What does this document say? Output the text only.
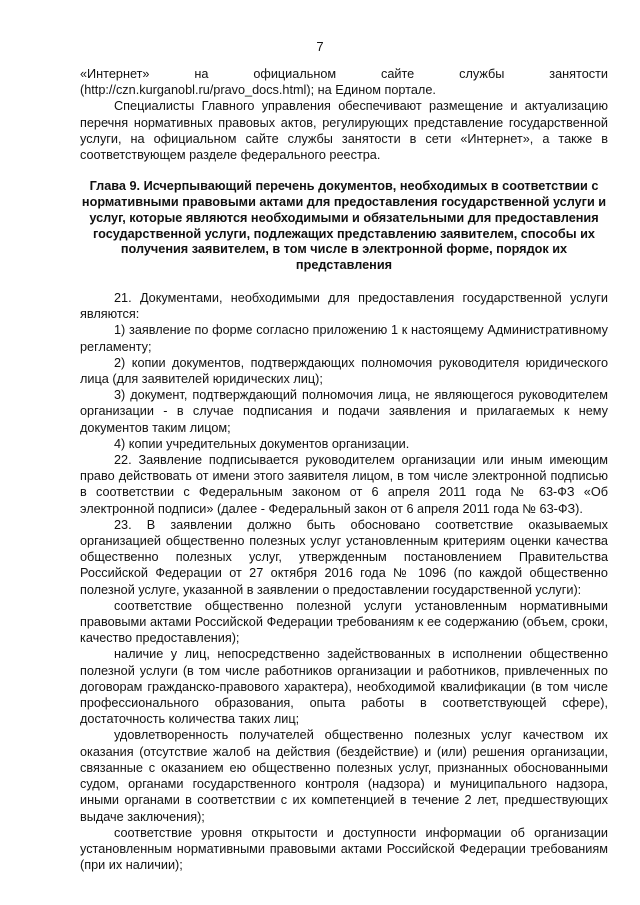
7

«Интернет» на официальном сайте службы занятости

(http://czn.kurganobl.ru/pravo_docs.html); на Едином портале.

Специалисты Главного управления обеспечивают размещение и актуализацию перечня нормативных правовых актов, регулирующих представление государственной услуги, на официальном сайте службы занятости в сети «Интернет», а также в соответствующем разделе федерального реестра.

Глава 9. Исчерпывающий перечень документов, необходимых в соответствии с нормативными правовыми актами для предоставления государственной услуги и услуг, которые являются необходимыми и обязательными для предоставления государственной услуги, подлежащих представлению заявителем, способы их получения заявителем, в том числе в электронной форме, порядок их представления

21. Документами, необходимыми для предоставления государственной услуги являются:

1) заявление по форме согласно приложению 1 к настоящему Административному регламенту;

2) копии документов, подтверждающих полномочия руководителя юридического лица (для заявителей юридических лиц);

3) документ, подтверждающий полномочия лица, не являющегося руководителем организации - в случае подписания и подачи заявления и прилагаемых к нему документов таким лицом;

4) копии учредительных документов организации.

22. Заявление подписывается руководителем организации или иным имеющим право действовать от имени этого заявителя лицом, в том числе электронной подписью в соответствии с Федеральным законом от 6 апреля 2011 года № 63-ФЗ «Об электронной подписи» (далее - Федеральный закон от 6 апреля 2011 года № 63-ФЗ).

23. В заявлении должно быть обосновано соответствие оказываемых организацией общественно полезных услуг установленным критериям оценки качества общественно полезных услуг, утвержденным постановлением Правительства Российской Федерации от 27 октября 2016 года № 1096 (по каждой общественно полезной услуге, указанной в заявлении о предоставлении государственной услуги):

соответствие общественно полезной услуги установленным нормативными правовыми актами Российской Федерации требованиям к ее содержанию (объем, сроки, качество предоставления);

наличие у лиц, непосредственно задействованных в исполнении общественно полезной услуги (в том числе работников организации и работников, привлеченных по договорам гражданско-правового характера), необходимой квалификации (в том числе профессионального образования, опыта работы в соответствующей сфере), достаточность количества таких лиц;

удовлетворенность получателей общественно полезных услуг качеством их оказания (отсутствие жалоб на действия (бездействие) и (или) решения организации, связанные с оказанием ею общественно полезных услуг, признанных обоснованными судом, органами государственного контроля (надзора) и муниципального надзора, иными органами в соответствии с их компетенцией в течение 2 лет, предшествующих выдаче заключения);

соответствие уровня открытости и доступности информации об организации установленным нормативными правовыми актами Российской Федерации требованиям (при их наличии);
